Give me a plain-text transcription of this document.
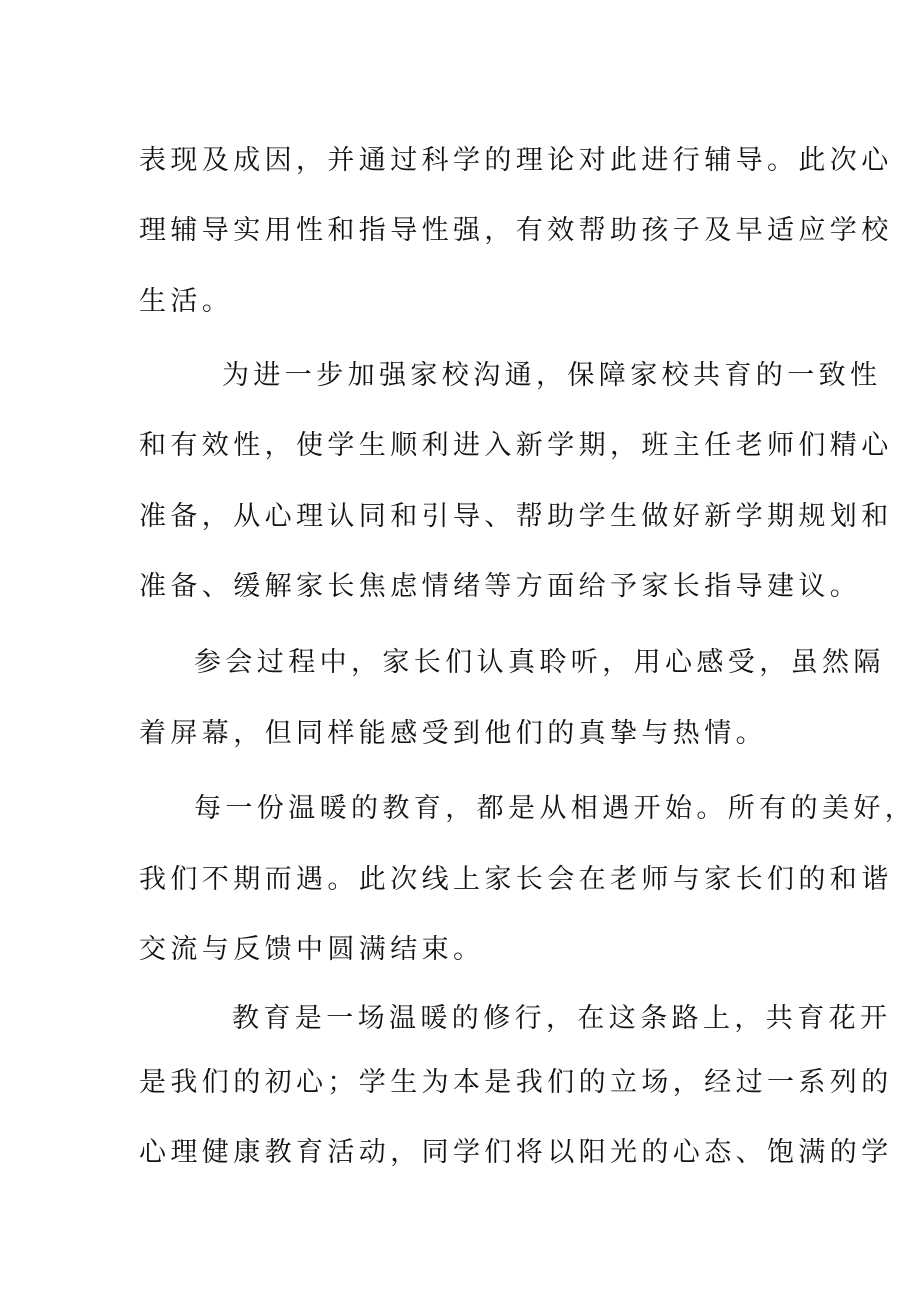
表现及成因，并通过科学的理论对此进行辅导。此次心
理辅导实用性和指导性强，有效帮助孩子及早适应学校
生活。
为进一步加强家校沟通，保障家校共育的一致性
和有效性，使学生顺利进入新学期，班主任老师们精心
准备，从心理认同和引导、帮助学生做好新学期规划和
准备、缓解家长焦虑情绪等方面给予家长指导建议。
参会过程中，家长们认真聆听，用心感受，虽然隔
着屏幕，但同样能感受到他们的真挚与热情。
每一份温暖的教育，都是从相遇开始。所有的美好，
我们不期而遇。此次线上家长会在老师与家长们的和谐
交流与反馈中圆满结束。
教育是一场温暖的修行，在这条路上，共育花开
是我们的初心；学生为本是我们的立场，经过一系列的
心理健康教育活动，同学们将以阳光的心态、饱满的学
